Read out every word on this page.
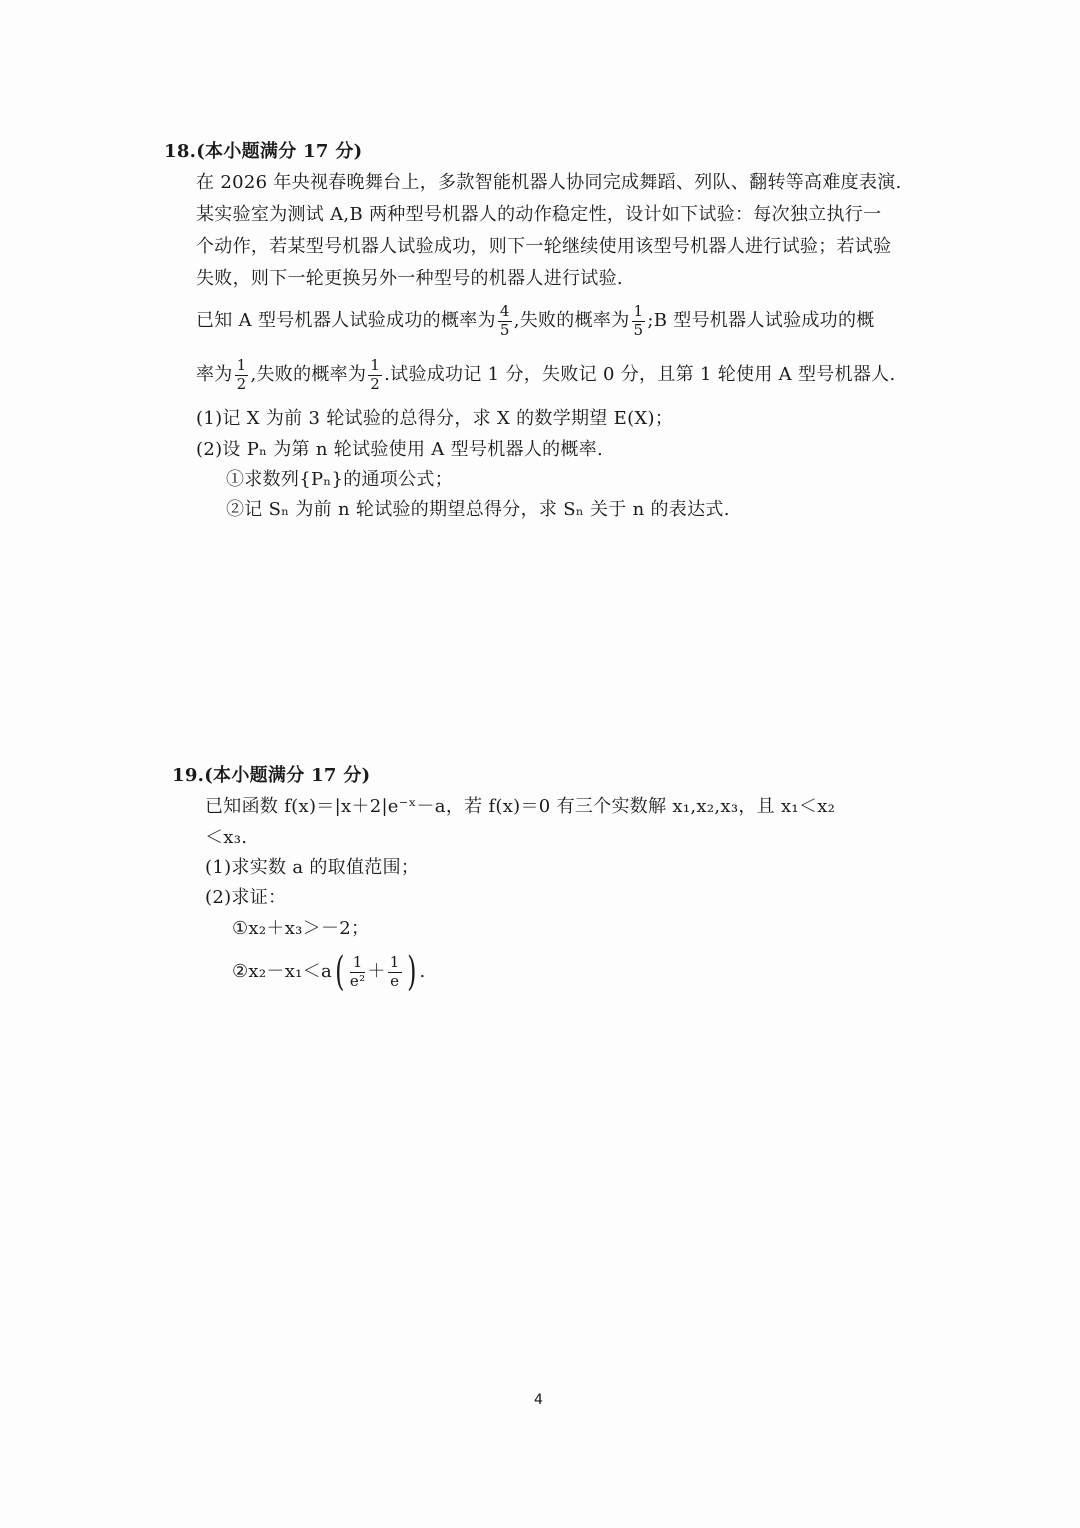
18.(本小题满分 17 分)
在 2026 年央视春晚舞台上，多款智能机器人协同完成舞蹈、列队、翻转等高难度表演.
某实验室为测试 A,B 两种型号机器人的动作稳定性，设计如下试验：每次独立执行一
个动作，若某型号机器人试验成功，则下一轮继续使用该型号机器人进行试验；若试验
失败，则下一轮更换另外一种型号的机器人进行试验.
已知 A 型号机器人试验成功的概率为 $\frac{4}{5}$ ,失败的概率为 $\frac{1}{5}$ ;B 型号机器人试验成功的概
率为 $\frac{1}{2}$ ,失败的概率为 $\frac{1}{2}$ .试验成功记 1 分，失败记 0 分，且第 1 轮使用 A 型号机器人.
(1)记 X 为前 3 轮试验的总得分，求 X 的数学期望 E(X)；
(2)设 Pₙ 为第 n 轮试验使用 A 型号机器人的概率.
①求数列{Pₙ}的通项公式；
②记 Sₙ 为前 n 轮试验的期望总得分，求 Sₙ 关于 n 的表达式.
19.(本小题满分 17 分)
已知函数 f(x)＝|x＋2|e⁻ˣ－a，若 f(x)＝0 有三个实数解 x₁,x₂,x₃，且 x₁＜x₂
＜x₃.
(1)求实数 a 的取值范围；
(2)求证：
①x₂＋x₃＞－2；
②x₂－x₁＜a( $\frac{1}{\text{e²}} + \frac{1}{e}$ ) .
4
